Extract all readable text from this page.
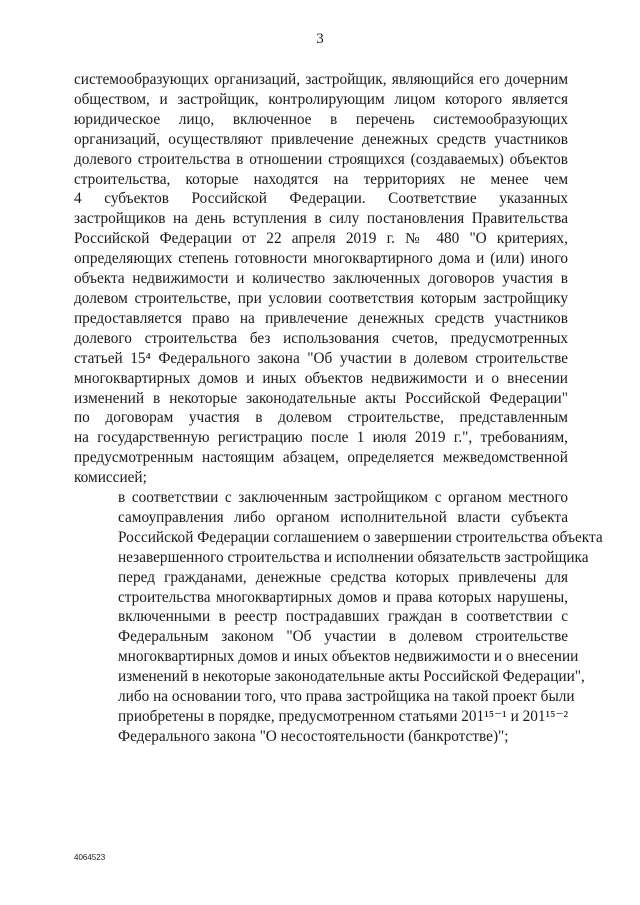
3
системообразующих организаций, застройщик, являющийся его дочерним
обществом, и застройщик, контролирующим лицом которого является
юридическое лицо, включенное в перечень системообразующих
организаций, осуществляют привлечение денежных средств участников
долевого строительства в отношении строящихся (создаваемых) объектов
строительства, которые находятся на территориях не менее чем
4 субъектов Российской Федерации. Соответствие указанных
застройщиков на день вступления в силу постановления Правительства
Российской Федерации от 22 апреля 2019 г. № 480 "О критериях,
определяющих степень готовности многоквартирного дома и (или) иного
объекта недвижимости и количество заключенных договоров участия в
долевом строительстве, при условии соответствия которым застройщику
предоставляется право на привлечение денежных средств участников
долевого строительства без использования счетов, предусмотренных
статьей 15⁴ Федерального закона "Об участии в долевом строительстве
многоквартирных домов и иных объектов недвижимости и о внесении
изменений в некоторые законодательные акты Российской Федерации"
по договорам участия в долевом строительстве, представленным
на государственную регистрацию после 1 июля 2019 г.", требованиям,
предусмотренным настоящим абзацем, определяется межведомственной
комиссией;
в соответствии с заключенным застройщиком с органом местного
самоуправления либо органом исполнительной власти субъекта
Российской Федерации соглашением о завершении строительства объекта
незавершенного строительства и исполнении обязательств застройщика
перед гражданами, денежные средства которых привлечены для
строительства многоквартирных домов и права которых нарушены,
включенными в реестр пострадавших граждан в соответствии с
Федеральным законом "Об участии в долевом строительстве
многоквартирных домов и иных объектов недвижимости и о внесении
изменений в некоторые законодательные акты Российской Федерации",
либо на основании того, что права застройщика на такой проект были
приобретены в порядке, предусмотренном статьями 201¹⁵⁻¹ и 201¹⁵⁻²
Федерального закона "О несостоятельности (банкротстве)";
4064523
